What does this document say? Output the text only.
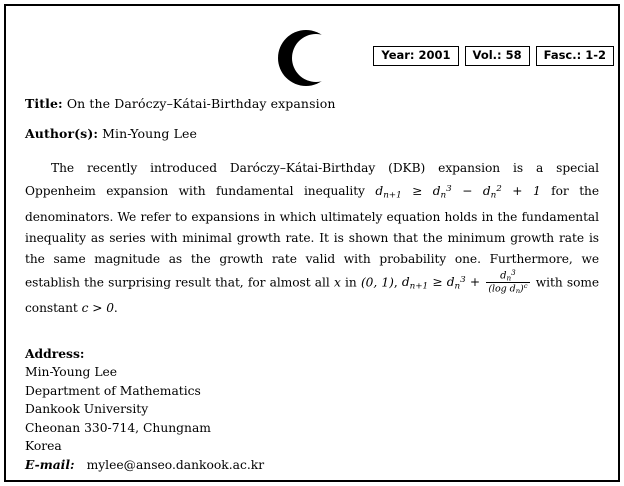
Year: 2001	Vol.: 58	Fasc.: 1-2
Title: On the Daróczy–Kátai-Birthday expansion
Author(s): Min-Young Lee
The recently introduced Daróczy–Kátai-Birthday (DKB) expansion is a special Oppenheim expansion with fundamental inequality $d_{n+1} \ge d_n^3 - d_n^2 + 1$ for the denominators. We refer to expansions in which ultimately equation holds in the fundamental inequality as series with minimal growth rate. It is shown that the minimum growth rate is the same magnitude as the growth rate valid with probability one. Furthermore, we establish the surprising result that, for almost all x in (0, 1), $d_{n+1} \ge d_n^3 + \frac{d_n^3}{(\log d_n)^c}$ with some constant c > 0.
Address:
Min-Young Lee
Department of Mathematics
Dankook University
Cheonan 330-714, Chungnam
Korea
E-mail: mylee@anseo.dankook.ac.kr
